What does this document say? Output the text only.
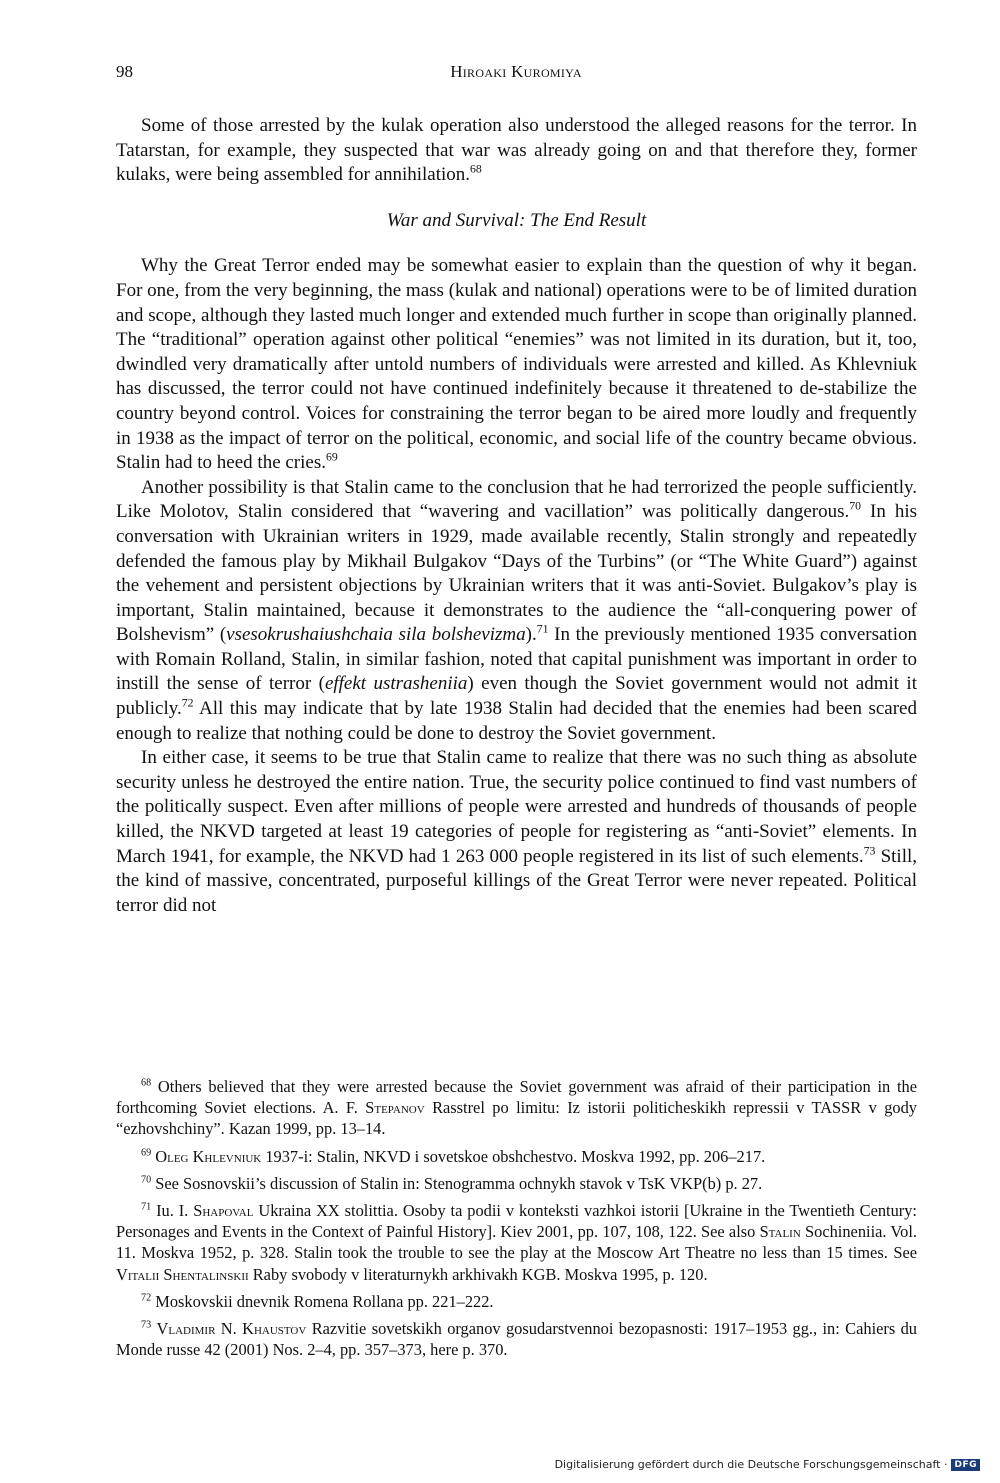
98	Hiroaki Kuromiya

Some of those arrested by the kulak operation also understood the alleged reasons for the terror. In Tatarstan, for example, they suspected that war was already going on and that therefore they, former kulaks, were being assembled for annihilation.$^{68}$

War and Survival: The End Result

Why the Great Terror ended may be somewhat easier to explain than the question of why it began. For one, from the very beginning, the mass (kulak and national) operations were to be of limited duration and scope, although they lasted much longer and extended much further in scope than originally planned. The “traditional” operation against other political “enemies” was not limited in its duration, but it, too, dwindled very dramatically after untold numbers of individuals were arrested and killed. As Khlevniuk has discussed, the terror could not have continued indefinitely because it threatened to de-stabilize the country beyond control. Voices for constraining the terror began to be aired more loudly and frequently in 1938 as the impact of terror on the political, economic, and social life of the country became obvious. Stalin had to heed the cries.$^{69}$

Another possibility is that Stalin came to the conclusion that he had terrorized the people sufficiently. Like Molotov, Stalin considered that “wavering and vacillation” was politically dangerous.$^{70}$ In his conversation with Ukrainian writers in 1929, made available recently, Stalin strongly and repeatedly defended the famous play by Mikhail Bulgakov “Days of the Turbins” (or “The White Guard”) against the vehement and persistent objections by Ukrainian writers that it was anti-Soviet. Bulgakov’s play is important, Stalin maintained, because it demonstrates to the audience the “all-conquering power of Bolshevism” (vsesokrushaiushchaia sila bolshevizma).$^{71}$ In the previously mentioned 1935 conversation with Romain Rolland, Stalin, in similar fashion, noted that capital punishment was important in order to instill the sense of terror (effekt ustrasheniia) even though the Soviet government would not admit it publicly.$^{72}$ All this may indicate that by late 1938 Stalin had decided that the enemies had been scared enough to realize that nothing could be done to destroy the Soviet government.

In either case, it seems to be true that Stalin came to realize that there was no such thing as absolute security unless he destroyed the entire nation. True, the security police continued to find vast numbers of the politically suspect. Even after millions of people were arrested and hundreds of thousands of people killed, the NKVD targeted at least 19 categories of people for registering as “anti-Soviet” elements. In March 1941, for example, the NKVD had 1 263 000 people registered in its list of such elements.$^{73}$ Still, the kind of massive, concentrated, purposeful killings of the Great Terror were never repeated. Political terror did not

$^{68}$ Others believed that they were arrested because the Soviet government was afraid of their participation in the forthcoming Soviet elections. A. F. Stepanov Rasstrel po limitu: Iz istorii politicheskikh repressii v TASSR v gody “ezhovshchiny”. Kazan 1999, pp. 13–14.

$^{69}$ Oleg Khlevniuk 1937-i: Stalin, NKVD i sovetskoe obshchestvo. Moskva 1992, pp. 206–217.

$^{70}$ See Sosnovskii’s discussion of Stalin in: Stenogramma ochnykh stavok v TsK VKP(b) p. 27.

$^{71}$ Iu. I. Shapoval Ukraina XX stolittia. Osoby ta podii v konteksti vazhkoi istorii [Ukraine in the Twentieth Century: Personages and Events in the Context of Painful History]. Kiev 2001, pp. 107, 108, 122. See also Stalin Sochineniia. Vol. 11. Moskva 1952, p. 328. Stalin took the trouble to see the play at the Moscow Art Theatre no less than 15 times. See Vitalii Shentalinskii Raby svobody v literaturnykh arkhivakh KGB. Moskva 1995, p. 120.

$^{72}$ Moskovskii dnevnik Romena Rollana pp. 221–222.

$^{73}$ Vladimir N. Khaustov Razvitie sovetskikh organov gosudarstvennoi bezopasnosti: 1917–1953 gg., in: Cahiers du Monde russe 42 (2001) Nos. 2–4, pp. 357–373, here p. 370.

Digitalisierung gefördert durch die Deutsche Forschungsgemeinschaft · DFG
